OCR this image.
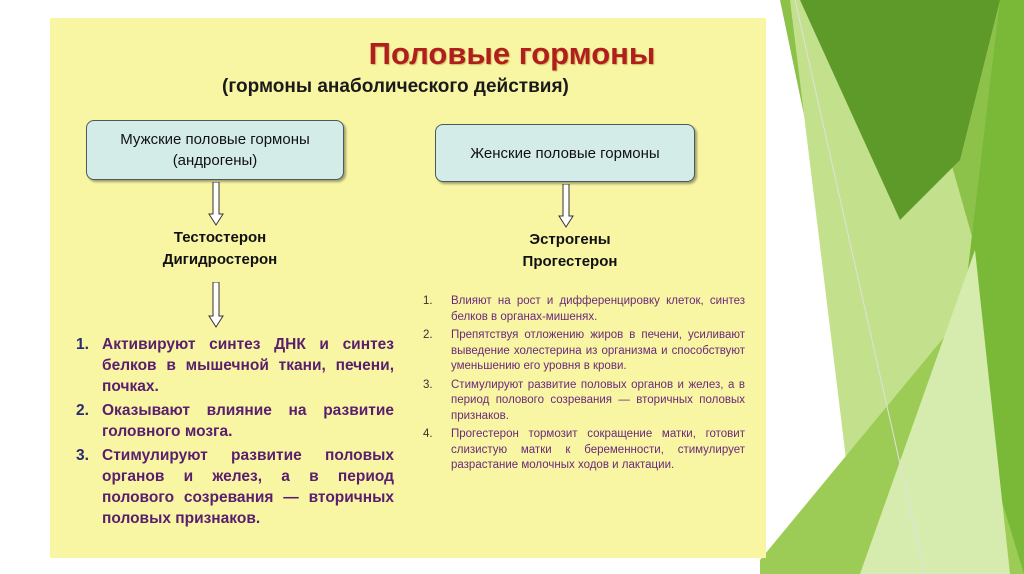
Половые гормоны
(гормоны анаболического действия)
Мужские половые гормоны
(андрогены)	Женские половые гормоны
Тестостерон
Дигидростерон
Эстрогены
Прогестерон
1. Активируют синтез ДНК и синтез белков в мышечной ткани, печени, почках.
2. Оказывают влияние на развитие головного мозга.
3. Стимулируют развитие половых органов и желез, а в период полового созревания — вторичных половых признаков.
1.	Влияют на рост и дифференцировку клеток, синтез белков в органах-мишенях.
2.	Препятствуя отложению жиров в печени, усиливают выведение холестерина из организма и способствуют уменьшению его уровня в крови.
3.	Стимулируют развитие половых органов и желез, а в период полового созревания — вторичных половых признаков.
4.	Прогестерон тормозит сокращение матки, готовит слизистую матки к беременности, стимулирует разрастание молочных ходов и лактации.
